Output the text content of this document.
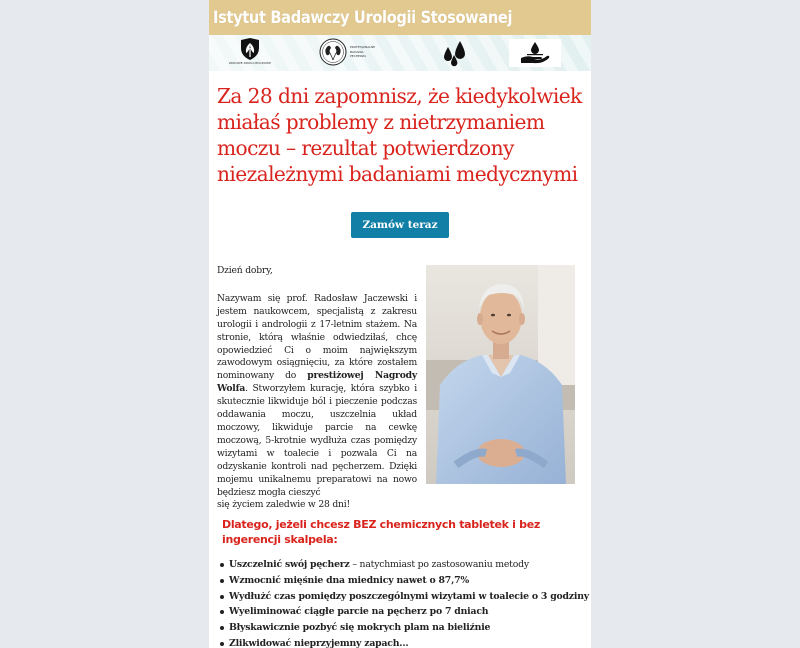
Istytut Badawczy Urologii Stosowanej
ZDROWE DROGI MOCZOWE
PROFESJONALNE
BADANIA
PĘCHERZA
Za 28 dni zapomnisz, że kiedykolwiek miałaś problemy z nietrzymaniem moczu – rezultat potwierdzony niezależnymi badaniami medycznymi
Zamów teraz

Dzień dobry,

Nazywam się prof. Radosław Jaczewski i jestem naukowcem, specjalistą z zakresu urologii i andrologii z 17-letnim stażem. Na stronie, którą właśnie odwiedziłaś, chcę opowiedzieć Ci o moim największym zawodowym osiągnięciu, za które zostałem nominowany do prestiżowej Nagrody Wolfa. Stworzyłem kurację, która szybko i skutecznie likwiduje ból i pieczenie podczas oddawania moczu, uszczelnia układ moczowy, likwiduje parcie na cewkę moczową, 5-krotnie wydłuża czas pomiędzy wizytami w toalecie i pozwala Ci na odzyskanie kontroli nad pęcherzem. Dzięki mojemu unikalnemu preparatowi na nowo będziesz mogła cieszyć

się życiem zaledwie w 28 dni!

Dlatego, jeżeli chcesz BEZ chemicznych tabletek i bez ingerencji skalpela:
Uszczelnić swój pęcherz – natychmiast po zastosowaniu metody
Wzmocnić mięśnie dna miednicy nawet o 87,7%
Wydłużć czas pomiędzy poszczególnymi wizytami w toalecie o 3 godziny
Wyeliminować ciągłe parcie na pęcherz po 7 dniach
Błyskawicznie pozbyć się mokrych plam na bieliźnie
Zlikwidować nieprzyjemny zapach...
